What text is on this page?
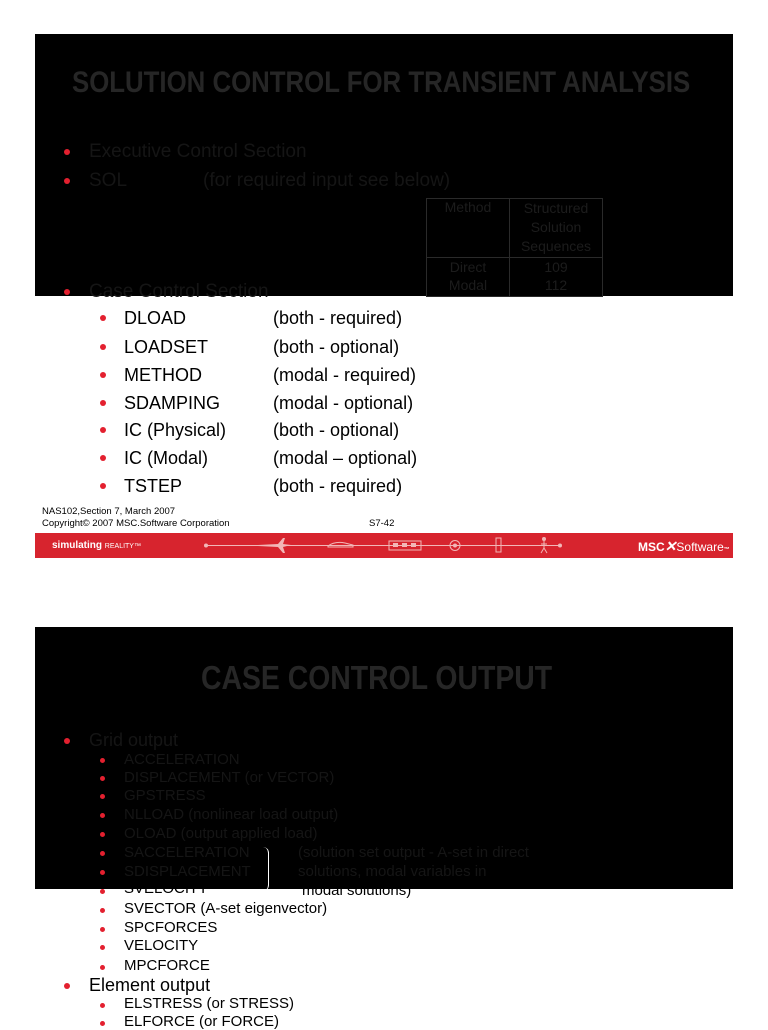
SOLUTION CONTROL FOR TRANSIENT ANALYSIS
Executive Control Section
SOL	(for required input see below)
Method	Structured Solution Sequences
Direct	109
Modal	112
Case Control Section
DLOAD	(both - required)
LOADSET	(both - optional)
METHOD	(modal - required)
SDAMPING	(modal - optional)
IC (Physical)	(both - optional)
IC (Modal)	(modal – optional)
TSTEP	(both - required)
NAS102,Section 7, March 2007
Copyright© 2007 MSC.Software Corporation	S7-42
simulating REALITY™	MSC✕Software™
CASE CONTROL OUTPUT
Grid output
ACCELERATION
DISPLACEMENT (or VECTOR)
GPSTRESS
NLLOAD (nonlinear load output)
OLOAD (output applied load)
SACCELERATION
SDISPLACEMENT
SVELOCITY
SVECTOR (A-set eigenvector)
SPCFORCES
VELOCITY
MPCFORCE
(solution set output - A-set in direct
solutions, modal variables in
modal solutions)
Element output
ELSTRESS (or STRESS)
ELFORCE (or FORCE)
